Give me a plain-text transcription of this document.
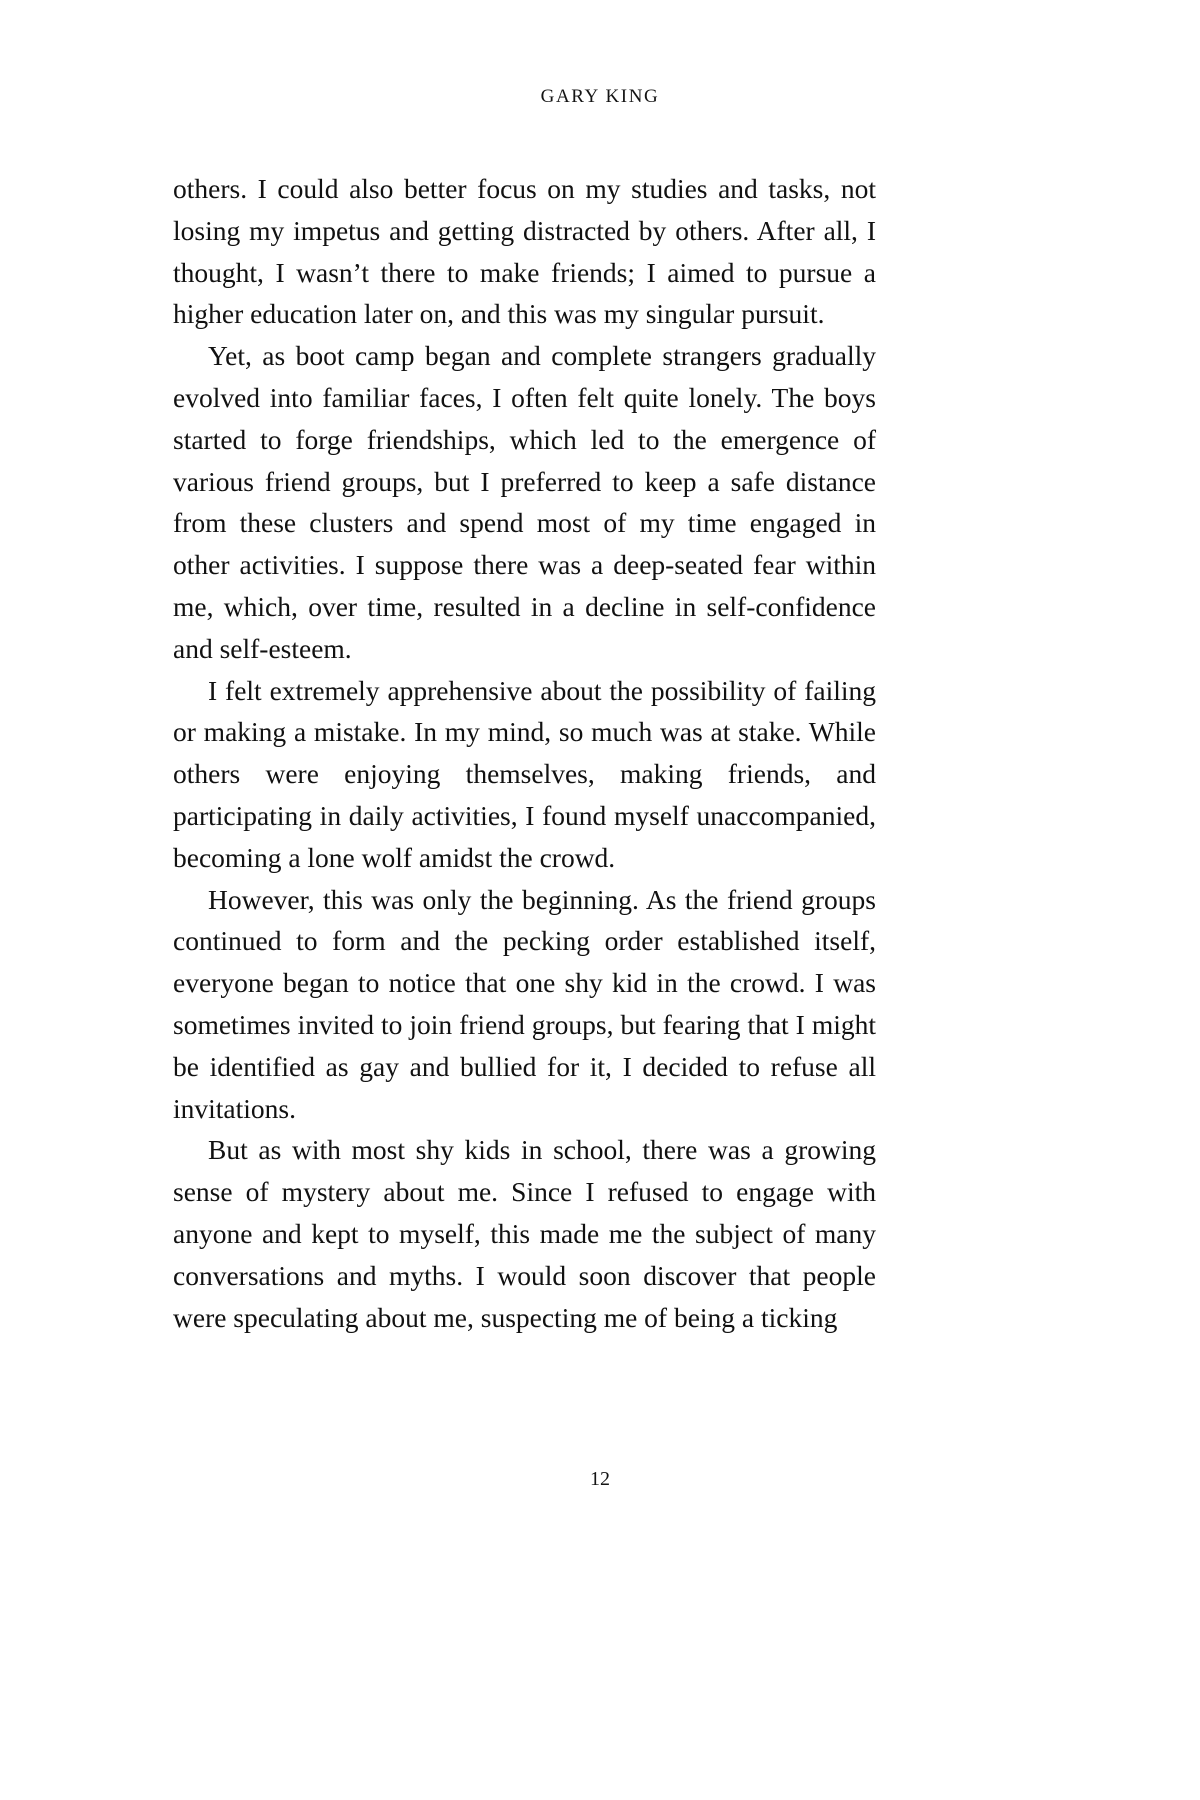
GARY KING

others. I could also better focus on my studies and tasks, not losing my impetus and getting distracted by others. After all, I thought, I wasn’t there to make friends; I aimed to pursue a higher education later on, and this was my singular pursuit.

Yet, as boot camp began and complete strangers gradually evolved into familiar faces, I often felt quite lonely. The boys started to forge friendships, which led to the emergence of various friend groups, but I preferred to keep a safe distance from these clusters and spend most of my time engaged in other activities. I suppose there was a deep-seated fear within me, which, over time, resulted in a decline in self-confidence and self-esteem.

I felt extremely apprehensive about the possibility of failing or making a mistake. In my mind, so much was at stake. While others were enjoying themselves, making friends, and participating in daily activities, I found myself unaccompanied, becoming a lone wolf amidst the crowd.

However, this was only the beginning. As the friend groups continued to form and the pecking order established itself, everyone began to notice that one shy kid in the crowd. I was sometimes invited to join friend groups, but fearing that I might be identified as gay and bullied for it, I decided to refuse all invitations.

But as with most shy kids in school, there was a growing sense of mystery about me. Since I refused to engage with anyone and kept to myself, this made me the subject of many conversations and myths. I would soon discover that people were speculating about me, suspecting me of being a ticking

12
